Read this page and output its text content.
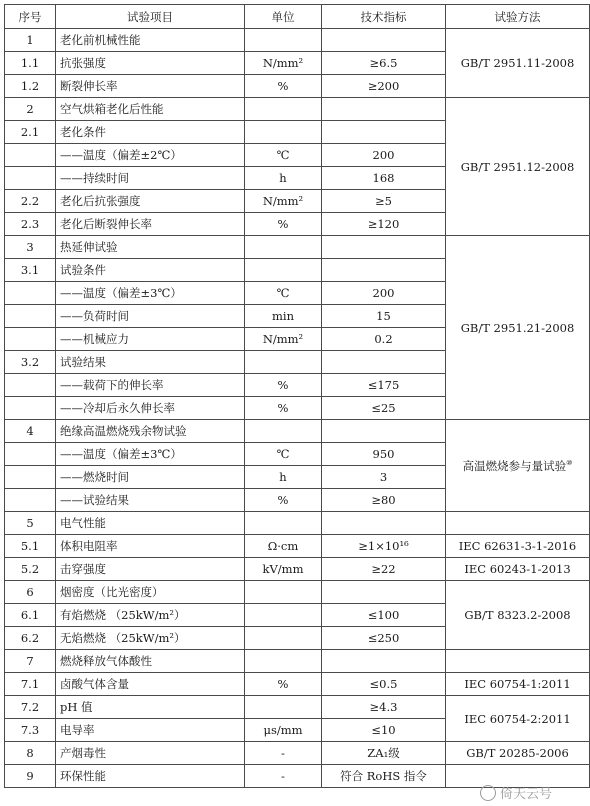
序号	试验项目	单位	技术指标	试验方法
1	老化前机械性能			GB/T 2951.11-2008
1.1	抗张强度	N/mm²	≥6.5	
1.2	断裂伸长率	%	≥200	
2	空气烘箱老化后性能			GB/T 2951.12-2008
2.1	老化条件			
	——温度（偏差±2℃）	℃	200	
	——持续时间	h	168	
2.2	老化后抗张强度	N/mm²	≥5	
2.3	老化后断裂伸长率	%	≥120	
3	热延伸试验			GB/T 2951.21-2008
3.1	试验条件			
	——温度（偏差±3℃）	℃	200	
	——负荷时间	min	15	
	——机械应力	N/mm²	0.2	
3.2	试验结果			
	——载荷下的伸长率	%	≤175	
	——冷却后永久伸长率	%	≤25	
4	绝缘高温燃烧残余物试验			高温燃烧参与量试验⑩
	——温度（偏差±3℃）	℃	950	
	——燃烧时间	h	3	
	——试验结果	%	≥80	
5	电气性能			
5.1	体积电阻率	Ω·cm	≥1×10¹⁶	IEC 62631-3-1-2016
5.2	击穿强度	kV/mm	≥22	IEC 60243-1-2013
6	烟密度（比光密度）			GB/T 8323.2-2008
6.1	有焰燃烧 （25kW/m²）		≤100	
6.2	无焰燃烧 （25kW/m²）		≤250	
7	燃烧释放气体酸性			
7.1	卤酸气体含量	%	≤0.5	IEC 60754-1:2011
7.2	pH 值		≥4.3	IEC 60754-2:2011
7.3	电导率	μs/mm	≤10	
8	产烟毒性	-	ZA₁级	GB/T 20285-2006
9	环保性能	-	符合 RoHS 指令	
倚天云号
